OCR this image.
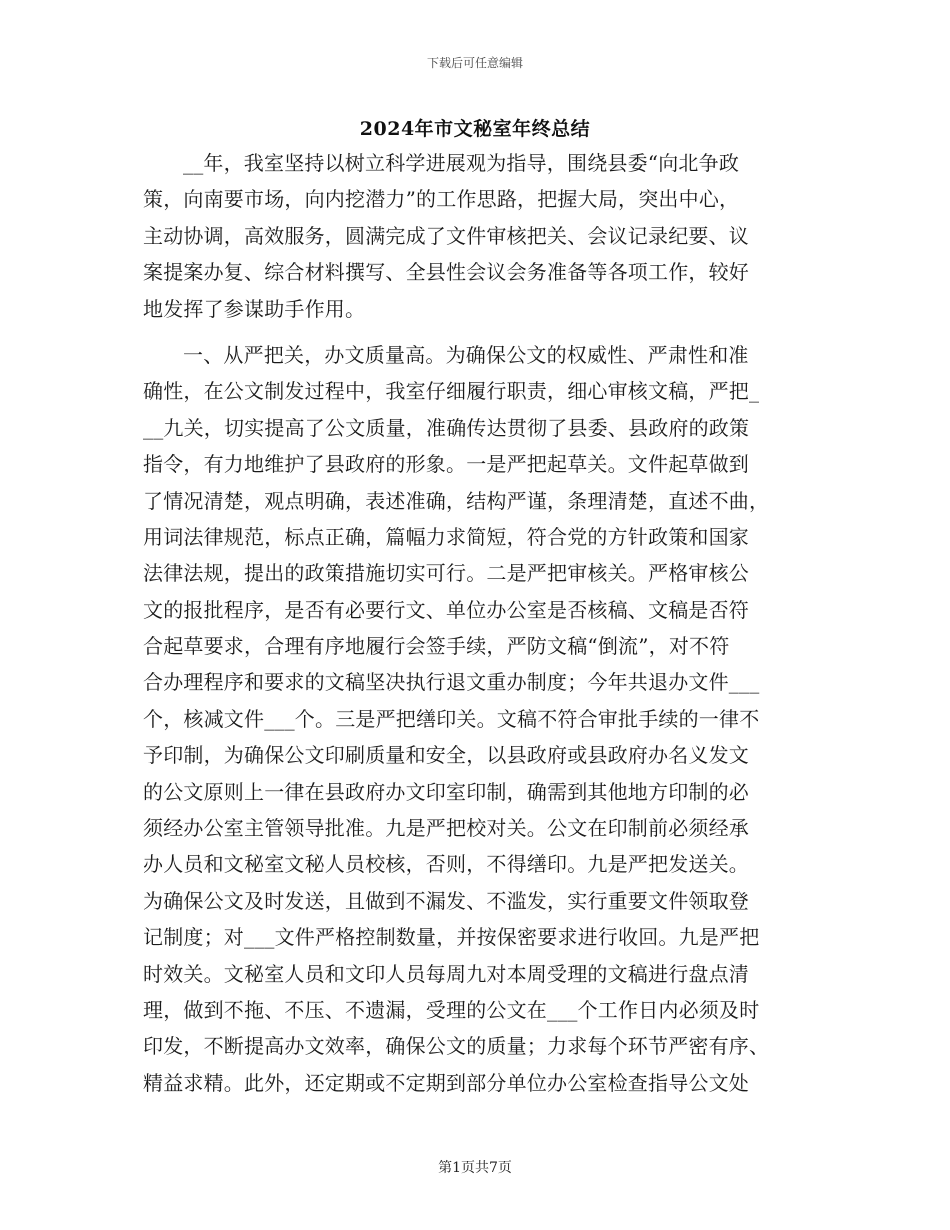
下载后可任意编辑
2024年市文秘室年终总结
__年，我室坚持以树立科学进展观为指导，围绕县委“向北争政
策，向南要市场，向内挖潜力”的工作思路，把握大局，突出中心，
主动协调，高效服务，圆满完成了文件审核把关、会议记录纪要、议
案提案办复、综合材料撰写、全县性会议会务准备等各项工作，较好
地发挥了参谋助手作用。
一、从严把关，办文质量高。为确保公文的权威性、严肃性和准
确性，在公文制发过程中，我室仔细履行职责，细心审核文稿，严把_
__九关，切实提高了公文质量，准确传达贯彻了县委、县政府的政策
指令，有力地维护了县政府的形象。一是严把起草关。文件起草做到
了情况清楚，观点明确，表述准确，结构严谨，条理清楚，直述不曲，
用词法律规范，标点正确，篇幅力求简短，符合党的方针政策和国家
法律法规，提出的政策措施切实可行。二是严把审核关。严格审核公
文的报批程序，是否有必要行文、单位办公室是否核稿、文稿是否符
合起草要求，合理有序地履行会签手续，严防文稿“倒流”，对不符
合办理程序和要求的文稿坚决执行退文重办制度；今年共退办文件___
个，核减文件___个。三是严把缮印关。文稿不符合审批手续的一律不
予印制，为确保公文印刷质量和安全，以县政府或县政府办名义发文
的公文原则上一律在县政府办文印室印制，确需到其他地方印制的必
须经办公室主管领导批准。九是严把校对关。公文在印制前必须经承
办人员和文秘室文秘人员校核，否则，不得缮印。九是严把发送关。
为确保公文及时发送，且做到不漏发、不滥发，实行重要文件领取登
记制度；对___文件严格控制数量，并按保密要求进行收回。九是严把
时效关。文秘室人员和文印人员每周九对本周受理的文稿进行盘点清
理，做到不拖、不压、不遗漏，受理的公文在___个工作日内必须及时
印发，不断提高办文效率，确保公文的质量；力求每个环节严密有序、
精益求精。此外，还定期或不定期到部分单位办公室检查指导公文处
第1页共7页
